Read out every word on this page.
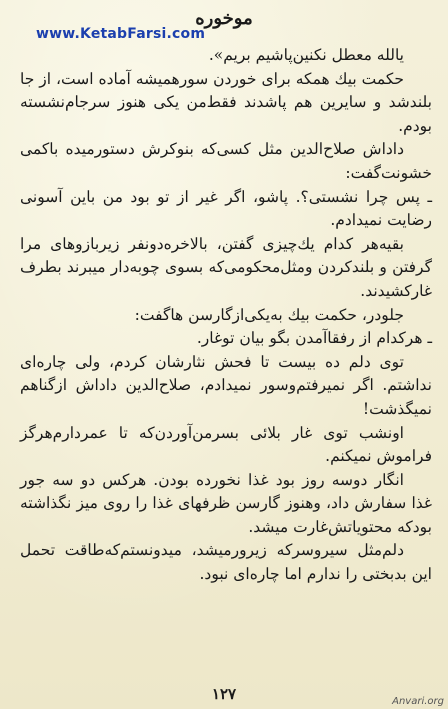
www.KetabFarsi.com
موخوره

یالله معطل نکنین‌پاشیم بریم».

حکمت بیك همکه برای خوردن سورهمیشه آماده است، از جا بلندشد و سایرین هم پاشدند فقط‌من یکی هنوز سرجام‌نشسته بودم.

داداش صلاح‌الدین مثل کسی‌که بنوکرش دستورمیده باکمی خشونت‌گفت:

ـ پس چرا نشستی؟. پاشو، اگر غیر از تو بود من باین آسونی رضایت نمیدادم.

بقیه‌هر کدام یك‌چیزی گفتن، بالاخره‌دونفر زیربازوهای مرا گرفتن و بلندکردن ومثل‌محکومی‌که بسوی چوبه‌دار میبرند بطرف غارکشیدند.

جلودر، حکمت بیك به‌یکی‌ازگارسن هاگفت:

ـ هرکدام از رفقاآمدن بگو بیان توغار.

توی دلم ده بیست تا فحش نثارشان کردم، ولی چاره‌ای نداشتم. اگر نمیرفتم‌وسور نمیدادم، صلاح‌الدین داداش ازگناهم نمیگذشت!

اونشب توی غار بلائی بسرمن‌آوردن‌که تا عمردارم‌هرگز فراموش نمیکنم.

انگار دوسه روز بود غذا نخورده بودن. هرکس دو سه جور غذا سفارش داد، وهنوز گارسن ظرفهای غذا را روی میز نگذاشته بودکه محتویاتش‌غارت میشد.

دلم‌مثل سیروسرکه زیرورمیشد، میدونستم‌که‌طاقت تحمل این بدبختی را ندارم اما چاره‌ای نبود.

۱۲۷	Anvari.org
